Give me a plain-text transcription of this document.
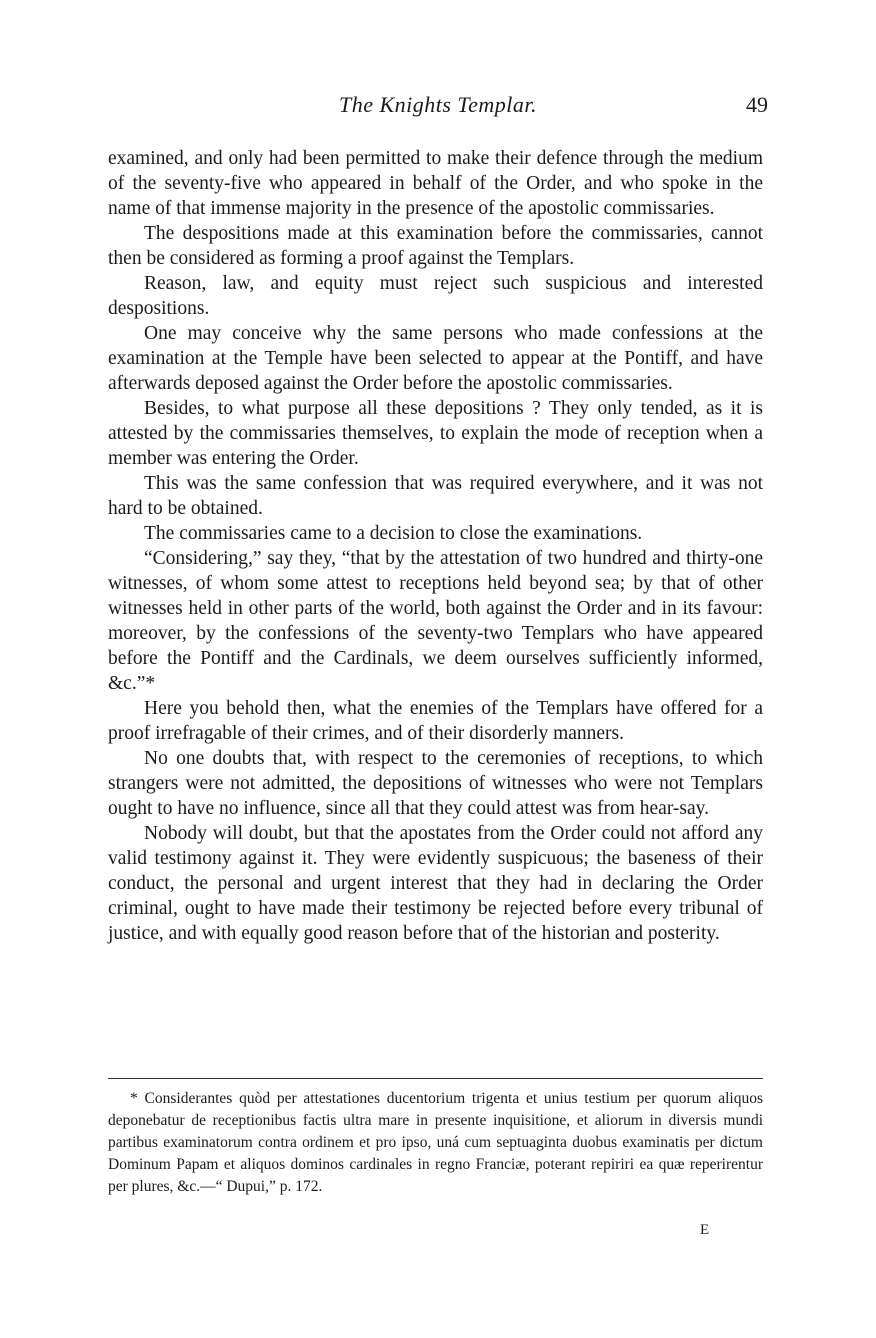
The Knights Templar.	49

examined, and only had been permitted to make their defence through the medium of the seventy-five who appeared in behalf of the Order, and who spoke in the name of that immense majority in the presence of the apostolic commissaries.

The despositions made at this examination before the commissaries, cannot then be considered as forming a proof against the Templars.

Reason, law, and equity must reject such suspicious and interested despositions.

One may conceive why the same persons who made confessions at the examination at the Temple have been selected to appear at the Pontiff, and have afterwards deposed against the Order before the apostolic commissaries.

Besides, to what purpose all these depositions ? They only tended, as it is attested by the commissaries themselves, to explain the mode of reception when a member was entering the Order.

This was the same confession that was required everywhere, and it was not hard to be obtained.

The commissaries came to a decision to close the examinations.

“Considering,” say they, “that by the attestation of two hundred and thirty-one witnesses, of whom some attest to receptions held beyond sea; by that of other witnesses held in other parts of the world, both against the Order and in its favour: moreover, by the confessions of the seventy-two Templars who have appeared before the Pontiff and the Cardinals, we deem ourselves sufficiently informed, &c.”*

Here you behold then, what the enemies of the Templars have offered for a proof irrefragable of their crimes, and of their disorderly manners.

No one doubts that, with respect to the ceremonies of receptions, to which strangers were not admitted, the depositions of witnesses who were not Templars ought to have no influence, since all that they could attest was from hear-say.

Nobody will doubt, but that the apostates from the Order could not afford any valid testimony against it. They were evidently suspicuous; the baseness of their conduct, the personal and urgent interest that they had in declaring the Order criminal, ought to have made their testimony be rejected before every tribunal of justice, and with equally good reason before that of the historian and posterity.

* Considerantes quòd per attestationes ducentorium trigenta et unius testium per quorum aliquos deponebatur de receptionibus factis ultra mare in presente inquisitione, et aliorum in diversis mundi partibus examinatorum contra ordinem et pro ipso, uná cum septuaginta duobus examinatis per dictum Dominum Papam et aliquos dominos cardinales in regno Franciæ, poterant repiriri ea quæ reperirentur per plures, &c.—“ Dupui,” p. 172.

E
